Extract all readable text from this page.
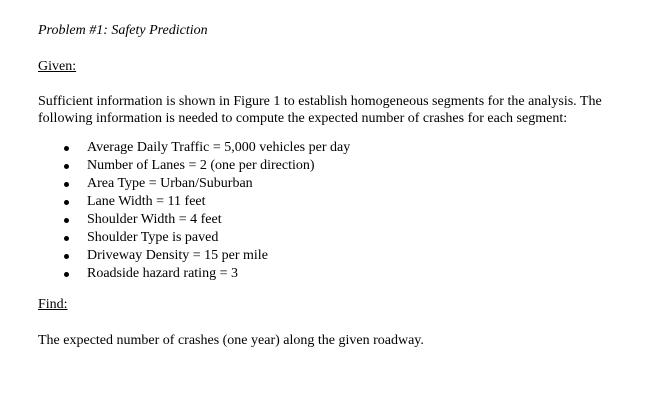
Problem #1: Safety Prediction

Given:

Sufficient information is shown in Figure 1 to establish homogeneous segments for the analysis. The following information is needed to compute the expected number of crashes for each segment:

Average Daily Traffic = 5,000 vehicles per day
Number of Lanes = 2 (one per direction)
Area Type = Urban/Suburban
Lane Width = 11 feet
Shoulder Width = 4 feet
Shoulder Type is paved
Driveway Density = 15 per mile
Roadside hazard rating = 3

Find:

The expected number of crashes (one year) along the given roadway.
